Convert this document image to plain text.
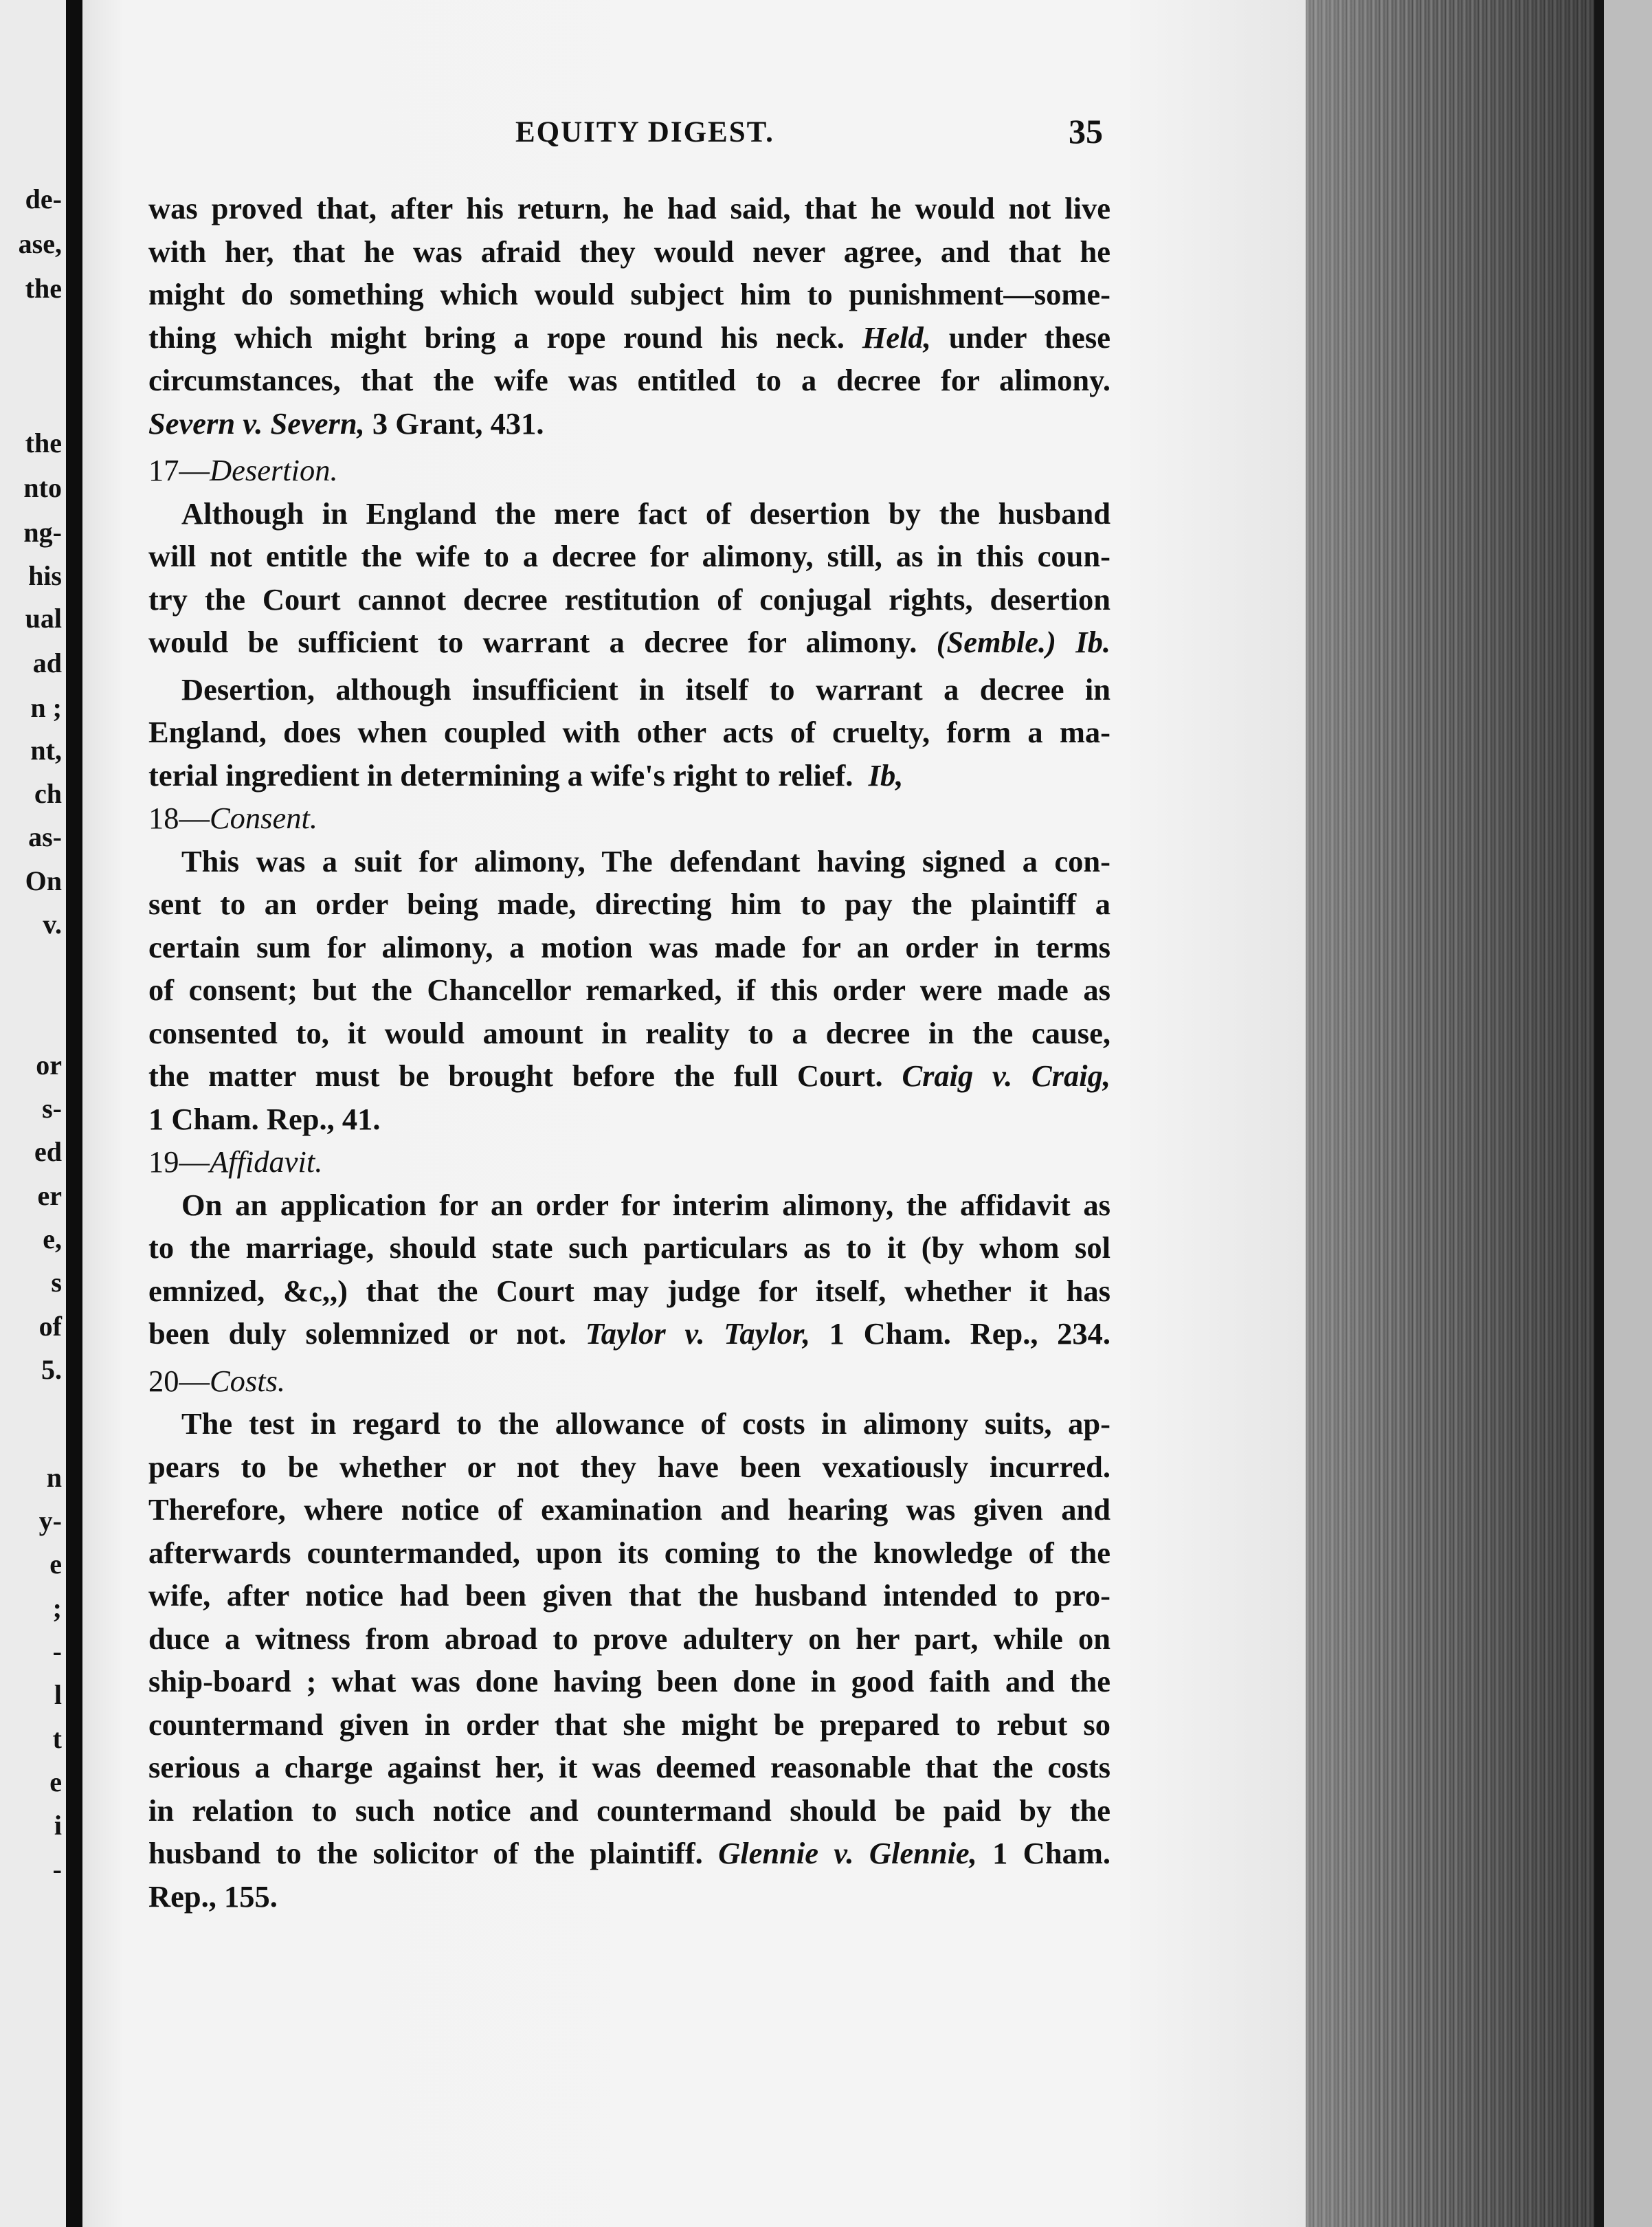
de-
ase,
the
the
nto
ng-
his
ual
ad
n ;
nt,
ch
as-
On
v.
or
s-
ed
er
e,
s
of
5.
n
y-
e
;
-
l
t
e
i
-
EQUITY DIGEST.	35
was proved that, after his return, he had said, that he would not live
with her, that he was afraid they would never agree, and that he
might do something which would subject him to punishment—some-
thing which might bring a rope round his neck. Held, under these
circumstances, that the wife was entitled to a decree for alimony.
Severn v. Severn, 3 Grant, 431.
17—Desertion.
Although in England the mere fact of desertion by the husband
will not entitle the wife to a decree for alimony, still, as in this coun-
try the Court cannot decree restitution of conjugal rights, desertion
would be sufficient to warrant a decree for alimony. (Semble.) Ib.
Desertion, although insufficient in itself to warrant a decree in
England, does when coupled with other acts of cruelty, form a ma-
terial ingredient in determining a wife's right to relief. Ib,
18—Consent.
This was a suit for alimony, The defendant having signed a con-
sent to an order being made, directing him to pay the plaintiff a
certain sum for alimony, a motion was made for an order in terms
of consent; but the Chancellor remarked, if this order were made as
consented to, it would amount in reality to a decree in the cause,
the matter must be brought before the full Court. Craig v. Craig,
1 Cham. Rep., 41.
19—Affidavit.
On an application for an order for interim alimony, the affidavit as
to the marriage, should state such particulars as to it (by whom sol
emnized, &c,,) that the Court may judge for itself, whether it has
been duly solemnized or not. Taylor v. Taylor, 1 Cham. Rep., 234.
20—Costs.
The test in regard to the allowance of costs in alimony suits, ap-
pears to be whether or not they have been vexatiously incurred.
Therefore, where notice of examination and hearing was given and
afterwards countermanded, upon its coming to the knowledge of the
wife, after notice had been given that the husband intended to pro-
duce a witness from abroad to prove adultery on her part, while on
ship-board ; what was done having been done in good faith and the
countermand given in order that she might be prepared to rebut so
serious a charge against her, it was deemed reasonable that the costs
in relation to such notice and countermand should be paid by the
husband to the solicitor of the plaintiff. Glennie v. Glennie, 1 Cham.
Rep., 155.
